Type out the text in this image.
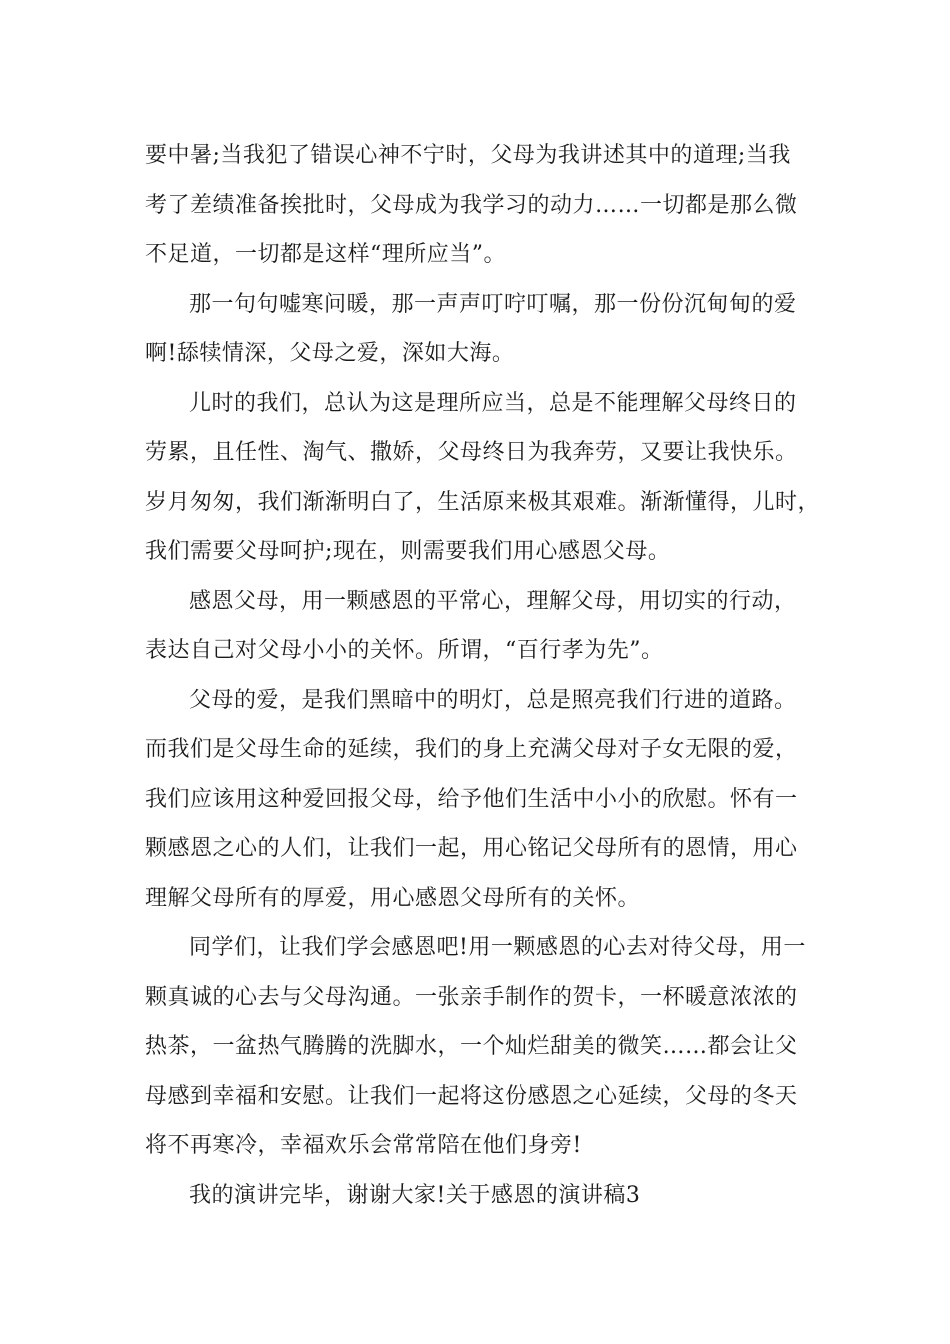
要中暑;当我犯了错误心神不宁时，父母为我讲述其中的道理;当我
考了差绩准备挨批时，父母成为我学习的动力……一切都是那么微
不足道，一切都是这样“理所应当”。
那一句句嘘寒问暖，那一声声叮咛叮嘱，那一份份沉甸甸的爱
啊!舔犊情深，父母之爱，深如大海。
儿时的我们，总认为这是理所应当，总是不能理解父母终日的
劳累，且任性、淘气、撒娇，父母终日为我奔劳，又要让我快乐。
岁月匆匆，我们渐渐明白了，生活原来极其艰难。渐渐懂得，儿时，
我们需要父母呵护;现在，则需要我们用心感恩父母。
感恩父母，用一颗感恩的平常心，理解父母，用切实的行动，
表达自己对父母小小的关怀。所谓，“百行孝为先”。
父母的爱，是我们黑暗中的明灯，总是照亮我们行进的道路。
而我们是父母生命的延续，我们的身上充满父母对子女无限的爱，
我们应该用这种爱回报父母，给予他们生活中小小的欣慰。怀有一
颗感恩之心的人们，让我们一起，用心铭记父母所有的恩情，用心
理解父母所有的厚爱，用心感恩父母所有的关怀。
同学们，让我们学会感恩吧!用一颗感恩的心去对待父母，用一
颗真诚的心去与父母沟通。一张亲手制作的贺卡，一杯暖意浓浓的
热茶，一盆热气腾腾的洗脚水，一个灿烂甜美的微笑……都会让父
母感到幸福和安慰。让我们一起将这份感恩之心延续，父母的冬天
将不再寒冷，幸福欢乐会常常陪在他们身旁!
我的演讲完毕，谢谢大家!关于感恩的演讲稿3
